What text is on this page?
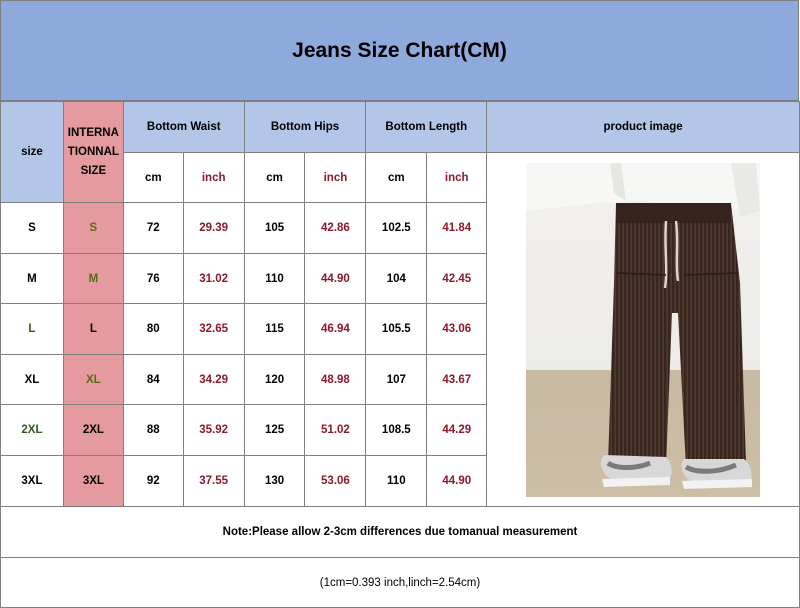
Jeans Size Chart(CM)
size	INTERNATIONNAL SIZE	Bottom Waist		Bottom Hips		Bottom Length		product image
		cm	inch	cm	inch	cm	inch	

S	S	72	29.39	105	42.86	102.5	41.84	
M	M	76	31.02	110	44.90	104	42.45	
L	L	80	32.65	115	46.94	105.5	43.06	
XL	XL	84	34.29	120	48.98	107	43.67	
2XL	2XL	88	35.92	125	51.02	108.5	44.29	
3XL	3XL	92	37.55	130	53.06	110	44.90	
Note:Please allow 2-3cm differences due tomanual measurement								
(1cm=0.393 inch,linch=2.54cm)								
